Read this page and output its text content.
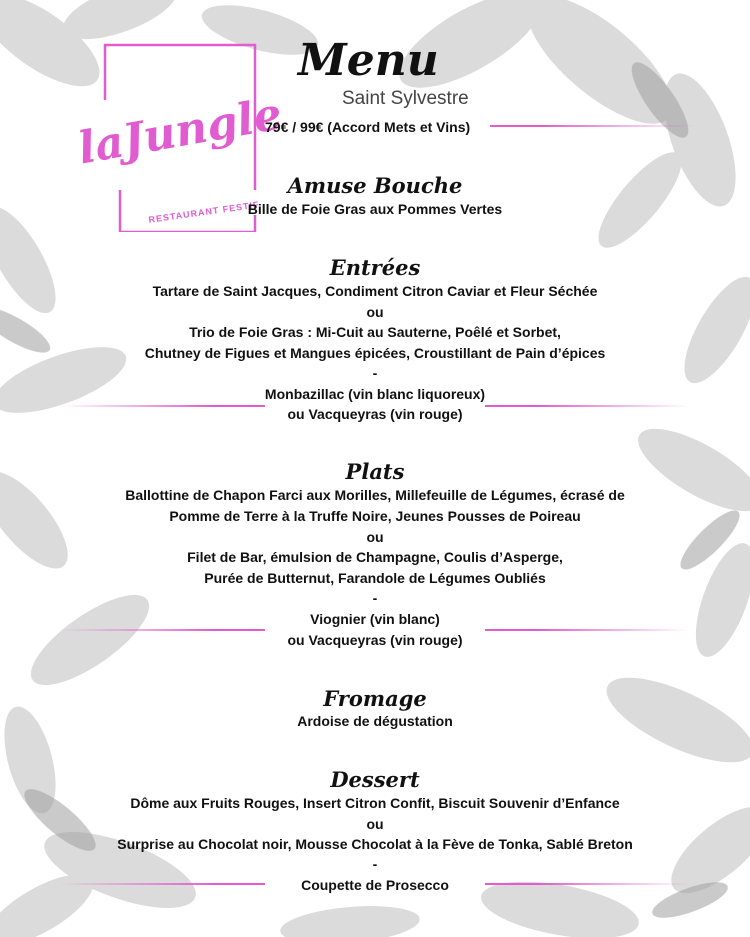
laJungle
RESTAURANT FESTIF
Menu
Saint Sylvestre
79€ / 99€ (Accord Mets et Vins)
Amuse Bouche
Bille de Foie Gras aux Pommes Vertes
Entrées
Tartare de Saint Jacques, Condiment Citron Caviar et Fleur Séchée
ou
Trio de Foie Gras : Mi-Cuit au Sauterne, Poêlé et Sorbet,
Chutney de Figues et Mangues épicées, Croustillant de Pain d’épices
-
Monbazillac (vin blanc liquoreux)
ou Vacqueyras (vin rouge)
Plats
Ballottine de Chapon Farci aux Morilles, Millefeuille de Légumes, écrasé de
Pomme de Terre à la Truffe Noire, Jeunes Pousses de Poireau
ou
Filet de Bar, émulsion de Champagne, Coulis d’Asperge,
Purée de Butternut, Farandole de Légumes Oubliés
-
Viognier (vin blanc)
ou Vacqueyras (vin rouge)
Fromage
Ardoise de dégustation
Dessert
Dôme aux Fruits Rouges, Insert Citron Confit, Biscuit Souvenir d’Enfance
ou
Surprise au Chocolat noir, Mousse Chocolat à la Fève de Tonka, Sablé Breton
-
Coupette de Prosecco
